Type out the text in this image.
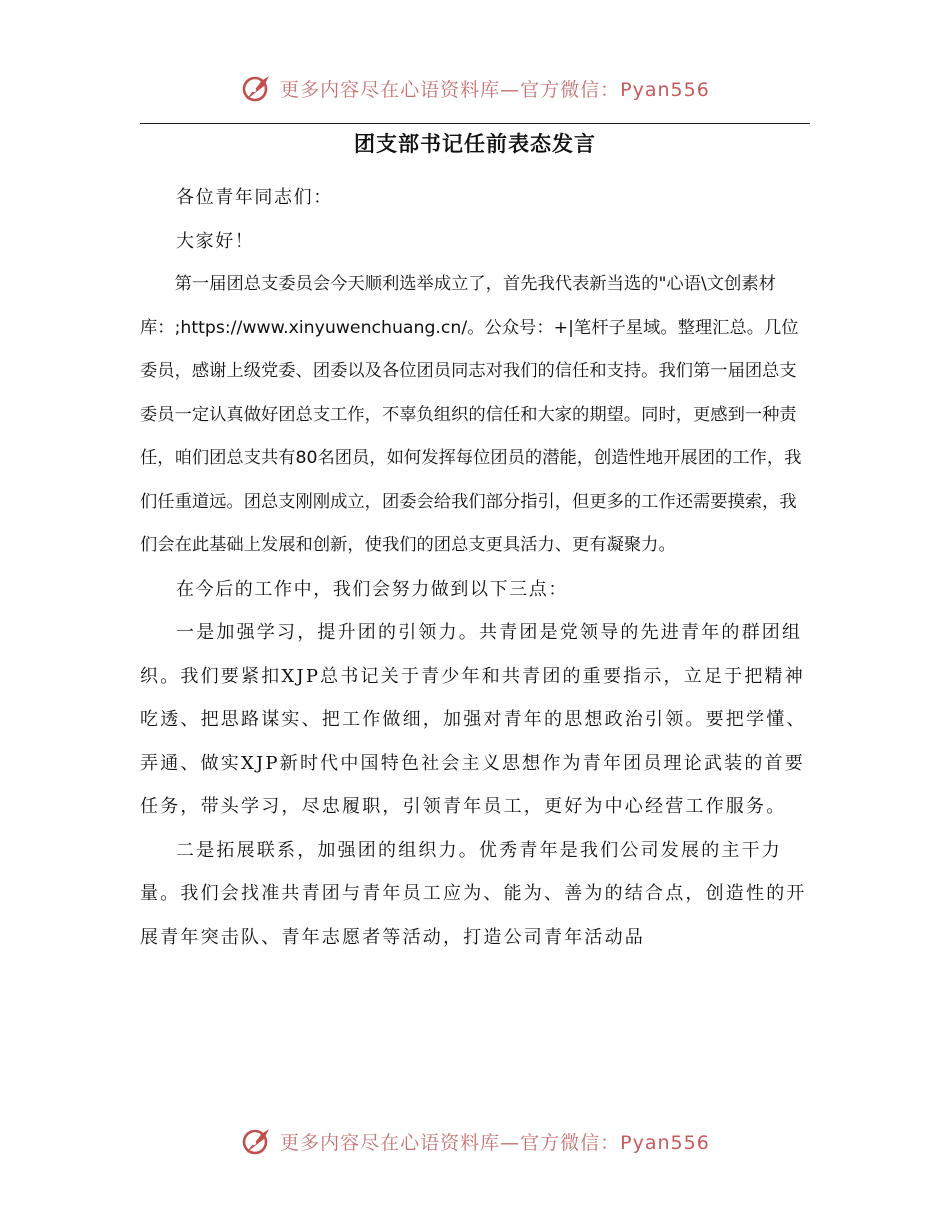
更多内容尽在心语资料库—官方微信：Pyan556
团支部书记任前表态发言

各位青年同志们：

大家好！

第一届团总支委员会今天顺利选举成立了，首先我代表新当选的"心语\文创素材库：;https://www.xinyuwenchuang.cn/。公众号：+|笔杆子星域。整理汇总。几位委员，感谢上级党委、团委以及各位团员同志对我们的信任和支持。我们第一届团总支委员一定认真做好团总支工作，不辜负组织的信任和大家的期望。同时，更感到一种责任，咱们团总支共有80名团员，如何发挥每位团员的潜能，创造性地开展团的工作，我们任重道远。团总支刚刚成立，团委会给我们部分指引，但更多的工作还需要摸索，我们会在此基础上发展和创新，使我们的团总支更具活力、更有凝聚力。

在今后的工作中，我们会努力做到以下三点：

一是加强学习，提升团的引领力。共青团是党领导的先进青年的群团组织。我们要紧扣XJP总书记关于青少年和共青团的重要指示，立足于把精神吃透、把思路谋实、把工作做细，加强对青年的思想政治引领。要把学懂、弄通、做实XJP新时代中国特色社会主义思想作为青年团员理论武装的首要任务，带头学习，尽忠履职，引领青年员工，更好为中心经营工作服务。

二是拓展联系，加强团的组织力。优秀青年是我们公司发展的主干力量。我们会找准共青团与青年员工应为、能为、善为的结合点，创造性的开展青年突击队、青年志愿者等活动，打造公司青年活动品

更多内容尽在心语资料库—官方微信：Pyan556
